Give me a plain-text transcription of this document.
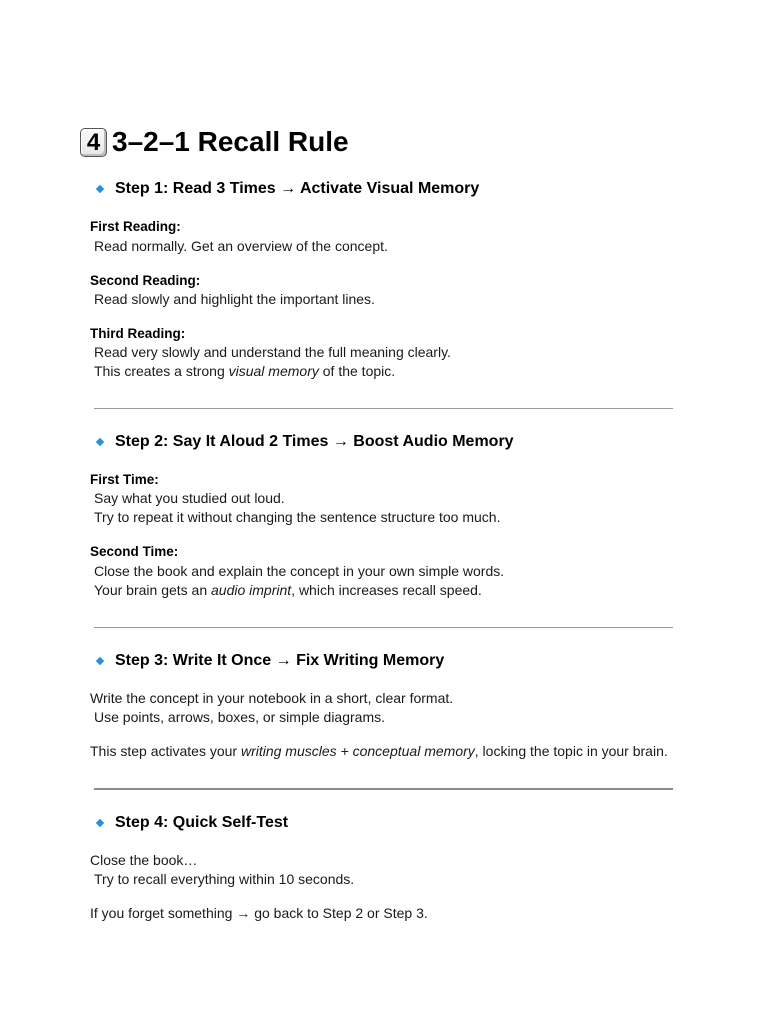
4 3–2–1 Recall Rule
Step 1: Read 3 Times → Activate Visual Memory
First Reading:
Read normally. Get an overview of the concept.
Second Reading:
Read slowly and highlight the important lines.
Third Reading:
Read very slowly and understand the full meaning clearly.
This creates a strong visual memory of the topic.
Step 2: Say It Aloud 2 Times → Boost Audio Memory
First Time:
Say what you studied out loud.
Try to repeat it without changing the sentence structure too much.
Second Time:
Close the book and explain the concept in your own simple words.
Your brain gets an audio imprint, which increases recall speed.
Step 3: Write It Once → Fix Writing Memory
Write the concept in your notebook in a short, clear format.
Use points, arrows, boxes, or simple diagrams.
This step activates your writing muscles + conceptual memory, locking the topic in your brain.
Step 4: Quick Self-Test
Close the book…
Try to recall everything within 10 seconds.
If you forget something → go back to Step 2 or Step 3.
